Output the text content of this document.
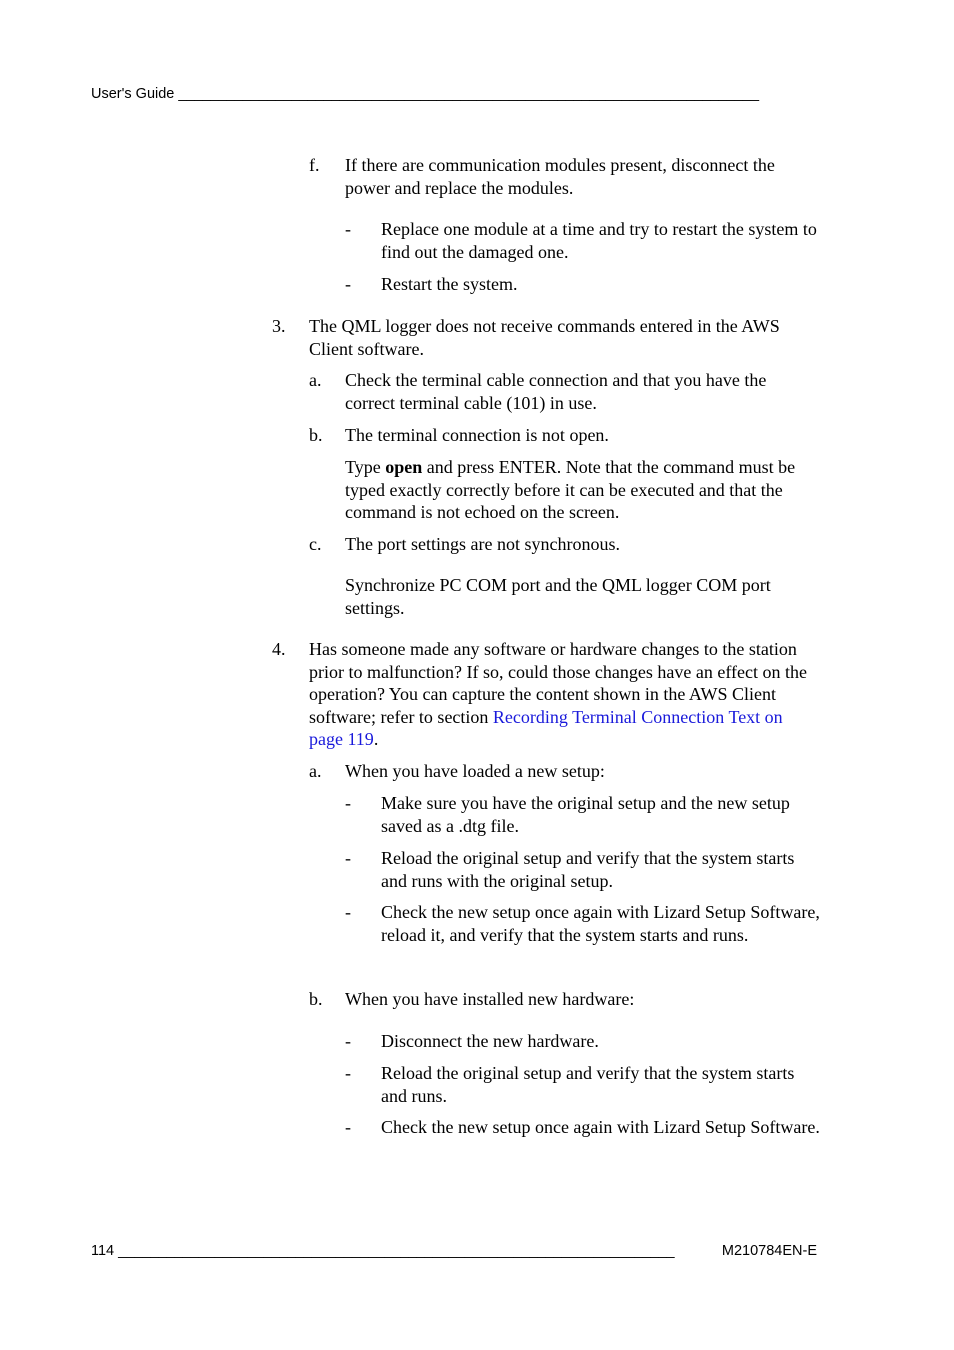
User's Guide ________________________________________________________________________
f. If there are communication modules present, disconnect the power and replace the modules.
- Replace one module at a time and try to restart the system to find out the damaged one.
- Restart the system.
3. The QML logger does not receive commands entered in the AWS Client software.
a. Check the terminal cable connection and that you have the correct terminal cable (101) in use.
b. The terminal connection is not open.
Type open and press ENTER. Note that the command must be typed exactly correctly before it can be executed and that the command is not echoed on the screen.
c. The port settings are not synchronous.
Synchronize PC COM port and the QML logger COM port settings.
4. Has someone made any software or hardware changes to the station prior to malfunction? If so, could those changes have an effect on the operation? You can capture the content shown in the AWS Client software; refer to section Recording Terminal Connection Text on page 119.
a. When you have loaded a new setup:
- Make sure you have the original setup and the new setup saved as a .dtg file.
- Reload the original setup and verify that the system starts and runs with the original setup.
- Check the new setup once again with Lizard Setup Software, reload it, and verify that the system starts and runs.
b. When you have installed new hardware:
- Disconnect the new hardware.
- Reload the original setup and verify that the system starts and runs.
- Check the new setup once again with Lizard Setup Software.
114 _____________________________________________________________________	M210784EN-E
